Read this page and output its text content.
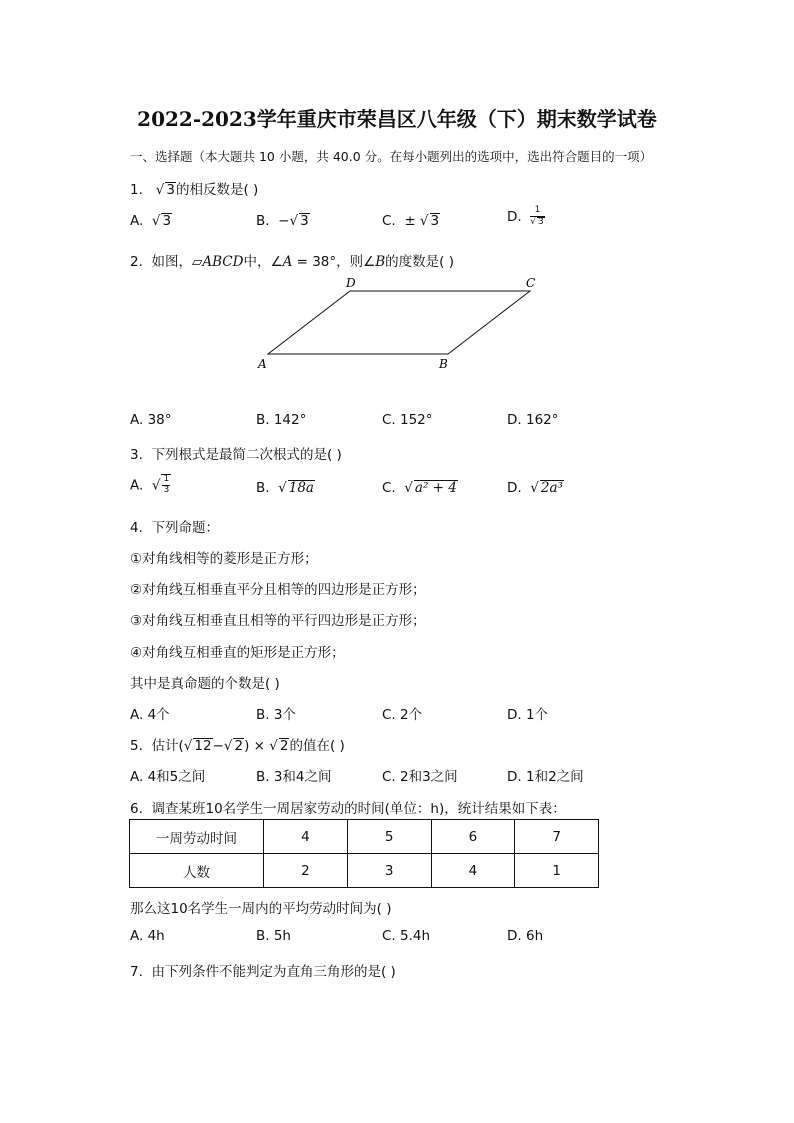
2022-2023学年重庆市荣昌区八年级（下）期末数学试卷
一、选择题（本大题共 10 小题，共 40.0 分。在每小题列出的选项中，选出符合题目的一项）
1. √ 3的相反数是( )
A.  √ 3	B. −√ 3	C. ± √ 3	D. $\frac{1}{√ 3}$
2. 如图，▱ABCD中，∠A = 38°，则∠B的度数是( )
A	B
C
D
A. 38°	B. 142°	C. 152°	D. 162°
3. 下列根式是最简二次根式的是( )
A.  √ $\frac{1}{3}$	B.  √ 18a	C.  √ a² + 4	D.  √ 2a³
4. 下列命题：
①对角线相等的菱形是正方形；
②对角线互相垂直平分且相等的四边形是正方形；
③对角线互相垂直且相等的平行四边形是正方形；
④对角线互相垂直的矩形是正方形；
其中是真命题的个数是( )
A. 4个	B. 3个	C. 2个	D. 1个
5. 估计(√ 12−√ 2) × √ 2的值在( )
A. 4和5之间	B. 3和4之间	C. 2和3之间	D. 1和2之间
6. 调查某班10名学生一周居家劳动的时间(单位：h)，统计结果如下表：
一周劳动时间	4	5	6	7
人数	2	3	4	1
那么这10名学生一周内的平均劳动时间为( )
A. 4h	B. 5h	C. 5.4h	D. 6h
7. 由下列条件不能判定为直角三角形的是( )
